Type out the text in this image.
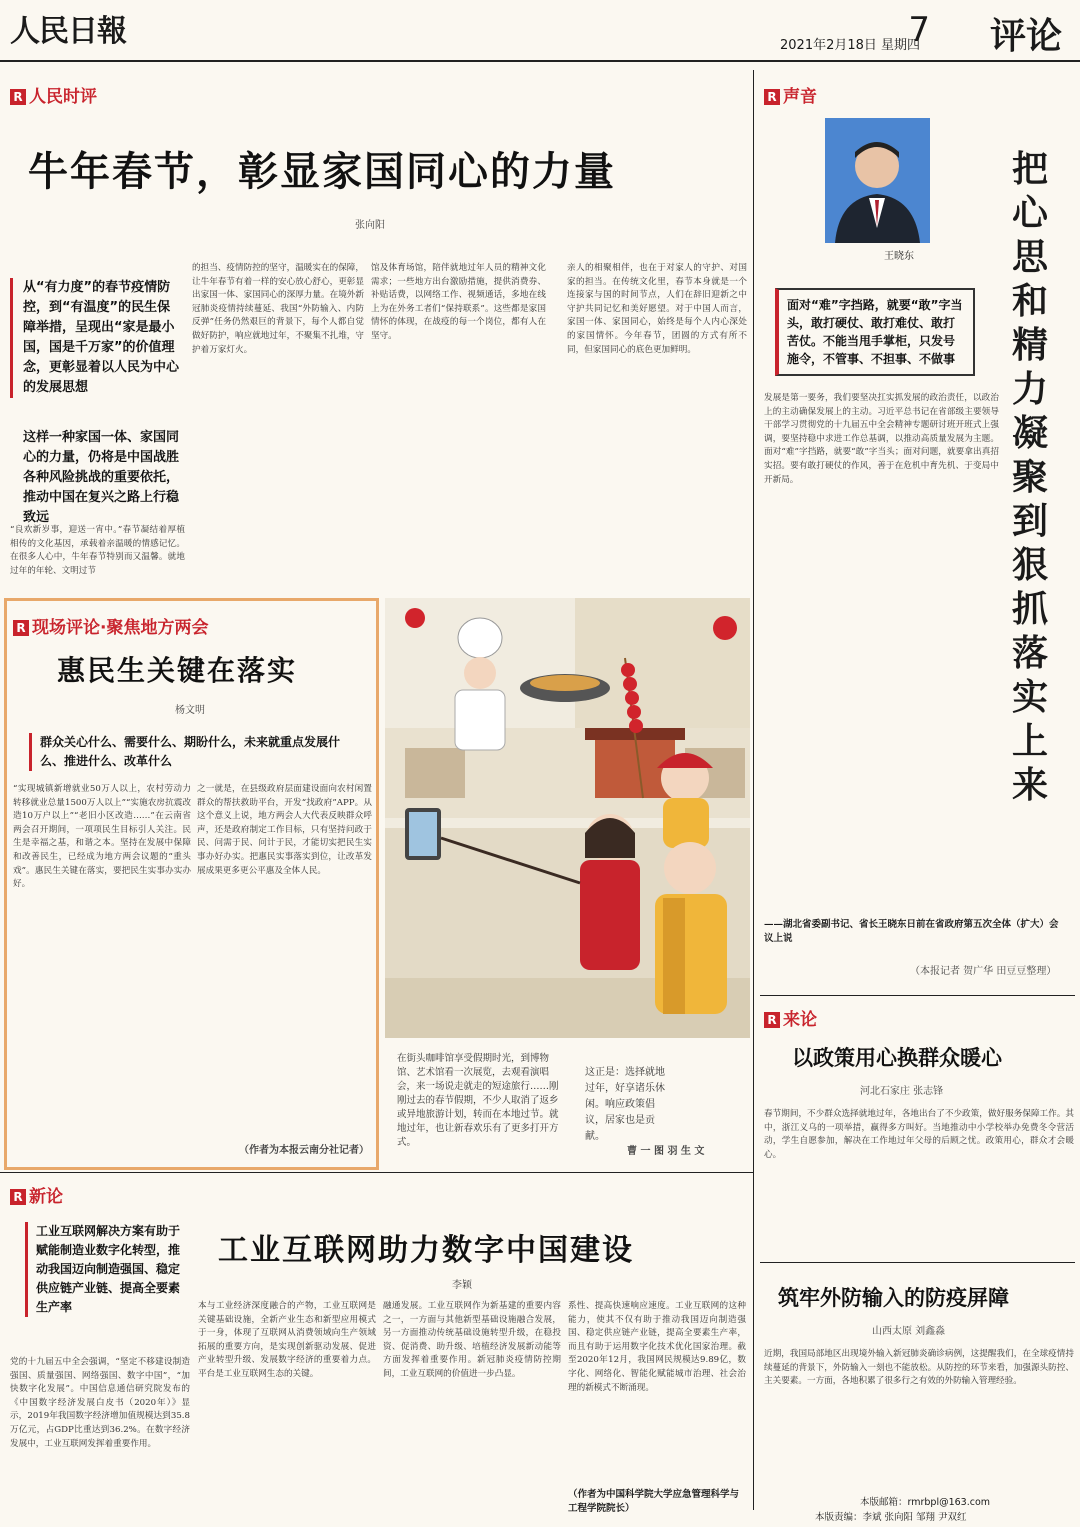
人民日報	2021年2月18日 星期四
7 评论
R 人民时评
牛年春节，彰显家国同心的力量
张向阳
从“有力度”的春节疫情防控，到“有温度”的民生保障举措，呈现出“家是最小国，国是千万家”的价值理念，更彰显着以人民为中心的发展思想
这样一种家国一体、家国同心的力量，仍将是中国战胜各种风险挑战的重要依托，推动中国在复兴之路上行稳致远
“良欢新岁事，迎送一宵中。”春节凝结着厚植相传的文化基因，承载着亲温暖的情感记忆。在很多人心中，牛年春节特别而又温馨。就地过年的年轮、文明过节
的担当、疫情防控的坚守，温暖实在的保障，让牛年春节有着一样的安心放心舒心，更彰显出家国一体、家国同心的深厚力量。在境外新冠肺炎疫情持续蔓延、我国“外防输入、内防反弹”任务仍然艰巨的背景下，每个人都自觉做好防护，响应就地过年，不聚集不扎堆，守护着万家灯火。
馆及体育场馆，陪伴就地过年人员的精神文化需求；一些地方出台激励措施，提供消费券、补贴话费，以网络工作、视频通话，多地在线上为在外务工者们“保持联系”。这些都是家国情怀的体现，在战疫的每一个岗位，都有人在坚守。
亲人的相聚相伴，也在于对家人的守护、对国家的担当。在传统文化里，春节本身就是一个连接家与国的时间节点，人们在辞旧迎新之中守护共同记忆和美好愿望。对于中国人而言，家国一体、家国同心，始终是每个人内心深处的家国情怀。今年春节，团圆的方式有所不同，但家国同心的底色更加鲜明。
R 现场评论·聚焦地方两会
惠民生关键在落实
杨文明
群众关心什么、需要什么、期盼什么，未来就重点发展什么、推进什么、改革什么
“实现城镇新增就业50万人以上，农村劳动力转移就业总量1500万人以上”“实施农房抗震改造10万户以上”“老旧小区改造……”在云南省两会召开期间，一项项民生目标引人关注。民生是幸福之基，和谐之本。坚持在发展中保障和改善民生，已经成为地方两会议题的“重头戏”。惠民生关键在落实，要把民生实事办实办好。
之一就是，在县级政府层面建设面向农村闲置群众的帮扶救助平台，开发“找政府”APP。从这个意义上说，地方两会人大代表反映群众呼声，还是政府制定工作目标，只有坚持问政于民、问需于民、问计于民，才能切实把民生实事办好办实。把惠民实事落实到位，让改革发展成果更多更公平惠及全体人民。
（作者为本报云南分社记者）
在街头咖啡馆享受假期时光，到博物馆、艺术馆看一次展览，去观看演唱会，来一场说走就走的短途旅行……刚刚过去的春节假期，不少人取消了返乡或异地旅游计划，转而在本地过节。就地过年，也让新春欢乐有了更多打开方式。
这正是：选择就地过年，好享诸乐休闲。响应政策倡议，居家也是贡献。
曹 一 图 羽 生 文
R 声音
王晓东
把心思和精力凝聚到狠抓落实上来
面对“难”字挡路，就要“敢”字当头，敢打硬仗、敢打难仗、敢打苦仗。不能当甩手掌柜，只发号施令，不管事、不担事、不做事
发展是第一要务，我们要坚决扛实抓发展的政治责任，以政治上的主动确保发展上的主动。习近平总书记在省部级主要领导干部学习贯彻党的十九届五中全会精神专题研讨班开班式上强调，要坚持稳中求进工作总基调，以推动高质量发展为主题。面对“难”字挡路，就要“敢”字当头；面对问题，就要拿出真招实招。要有敢打硬仗的作风，善于在危机中育先机、于变局中开新局。
——湖北省委副书记、省长王晓东日前在省政府第五次全体（扩大）会议上说
（本报记者 贺广华 田豆豆整理）
R 来论
以政策用心换群众暖心
河北石家庄 张志锋
春节期间，不少群众选择就地过年，各地出台了不少政策，做好服务保障工作。其中，浙江义乌的一项举措，赢得多方叫好。当地推动中小学校举办免费冬令营活动，学生自愿参加，解决在工作地过年父母的后顾之忧。政策用心，群众才会暖心。
筑牢外防输入的防疫屏障
山西太原 刘鑫淼
近期，我国局部地区出现境外输入新冠肺炎确诊病例，这提醒我们，在全球疫情持续蔓延的背景下，外防输入一刻也不能放松。从防控的环节来看，加强源头防控、主关要素。一方面，各地积累了很多行之有效的外防输入管理经验。
本版邮箱：rmrbpl@163.com
本版责编：李斌 张向阳 邹翔 尹双红
R 新论
工业互联网助力数字中国建设
李颖
工业互联网解决方案有助于赋能制造业数字化转型，推动我国迈向制造强国、稳定供应链产业链、提高全要素生产率
党的十九届五中全会强调，“坚定不移建设制造强国、质量强国、网络强国、数字中国”，“加快数字化发展”。中国信息通信研究院发布的《中国数字经济发展白皮书（2020年）》显示，2019年我国数字经济增加值规模达到35.8万亿元，占GDP比重达到36.2%。在数字经济发展中，工业互联网发挥着重要作用。
本与工业经济深度融合的产物，工业互联网是关键基础设施，全新产业生态和新型应用模式于一身，体现了互联网从消费领域向生产领域拓展的重要方向，是实现创新驱动发展、促进产业转型升级、发展数字经济的重要着力点。平台是工业互联网生态的关键。
融通发展。工业互联网作为新基建的重要内容之一，一方面与其他新型基础设施融合发展，另一方面推动传统基础设施转型升级，在稳投资、促消费、助升级、培植经济发展新动能等方面发挥着重要作用。新冠肺炎疫情防控期间，工业互联网的价值进一步凸显。
系性、提高快速响应速度。工业互联网的这种能力，使其不仅有助于推动我国迈向制造强国、稳定供应链产业链，提高全要素生产率，而且有助于运用数字化技术优化国家治理。截至2020年12月，我国网民规模达9.89亿，数字化、网络化、智能化赋能城市治理、社会治理的新模式不断涌现。
（作者为中国科学院大学应急管理科学与工程学院院长）
